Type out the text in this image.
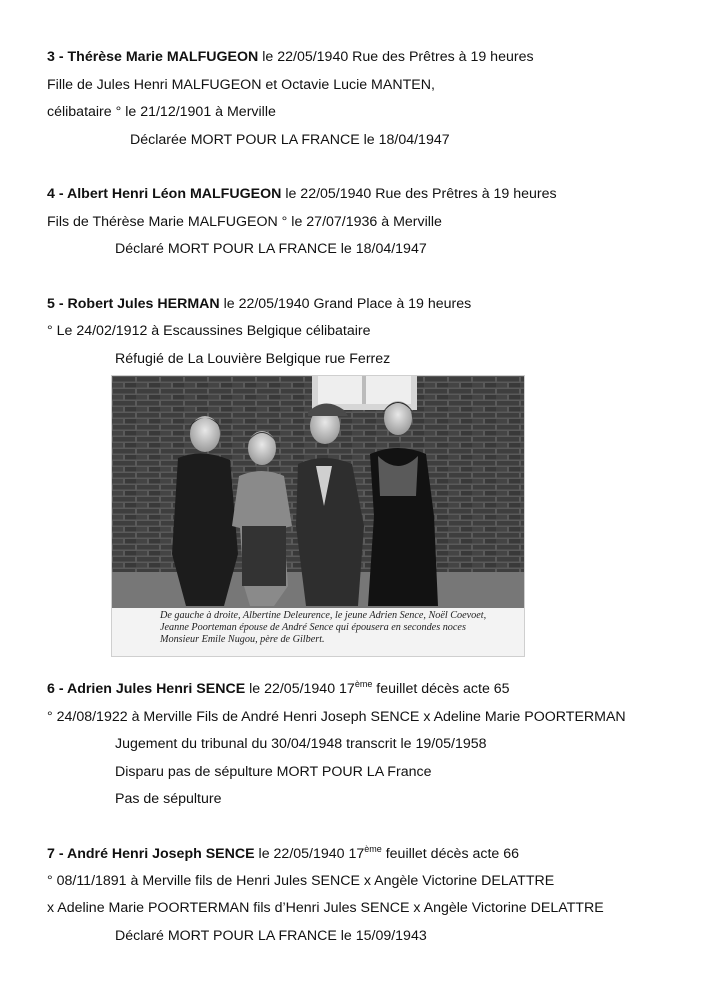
3 - Thérèse Marie MALFUGEON le 22/05/1940 Rue des Prêtres à 19 heures
Fille de Jules Henri MALFUGEON et Octavie Lucie MANTEN,
célibataire ° le 21/12/1901 à Merville
Déclarée MORT POUR LA FRANCE le 18/04/1947
4 - Albert Henri Léon MALFUGEON le 22/05/1940 Rue des Prêtres à 19 heures
Fils de Thérèse Marie MALFUGEON ° le 27/07/1936 à Merville
Déclaré MORT POUR LA FRANCE le 18/04/1947
5 - Robert Jules HERMAN le 22/05/1940 Grand Place à 19 heures
° Le 24/02/1912 à Escaussines Belgique célibataire
Réfugié de La Louvière Belgique rue Ferrez
De gauche à droite, Albertine Deleurence, le jeune Adrien Sence, Noël Coevoet,
Jeanne Poorteman épouse de André Sence qui épousera en secondes noces
Monsieur Emile Nugou, père de Gilbert.
6 - Adrien Jules Henri SENCE le 22/05/1940 17ème feuillet décès acte 65
° 24/08/1922 à Merville Fils de André Henri Joseph SENCE x Adeline Marie POORTERMAN
Jugement du tribunal du 30/04/1948 transcrit le 19/05/1958
Disparu pas de sépulture MORT POUR LA France
Pas de sépulture
7 - André Henri Joseph SENCE le 22/05/1940 17ème feuillet décès acte 66
° 08/11/1891 à Merville fils de Henri Jules SENCE x Angèle Victorine DELATTRE
x Adeline Marie POORTERMAN fils d’Henri Jules SENCE x Angèle Victorine DELATTRE
Déclaré MORT POUR LA FRANCE le 15/09/1943
